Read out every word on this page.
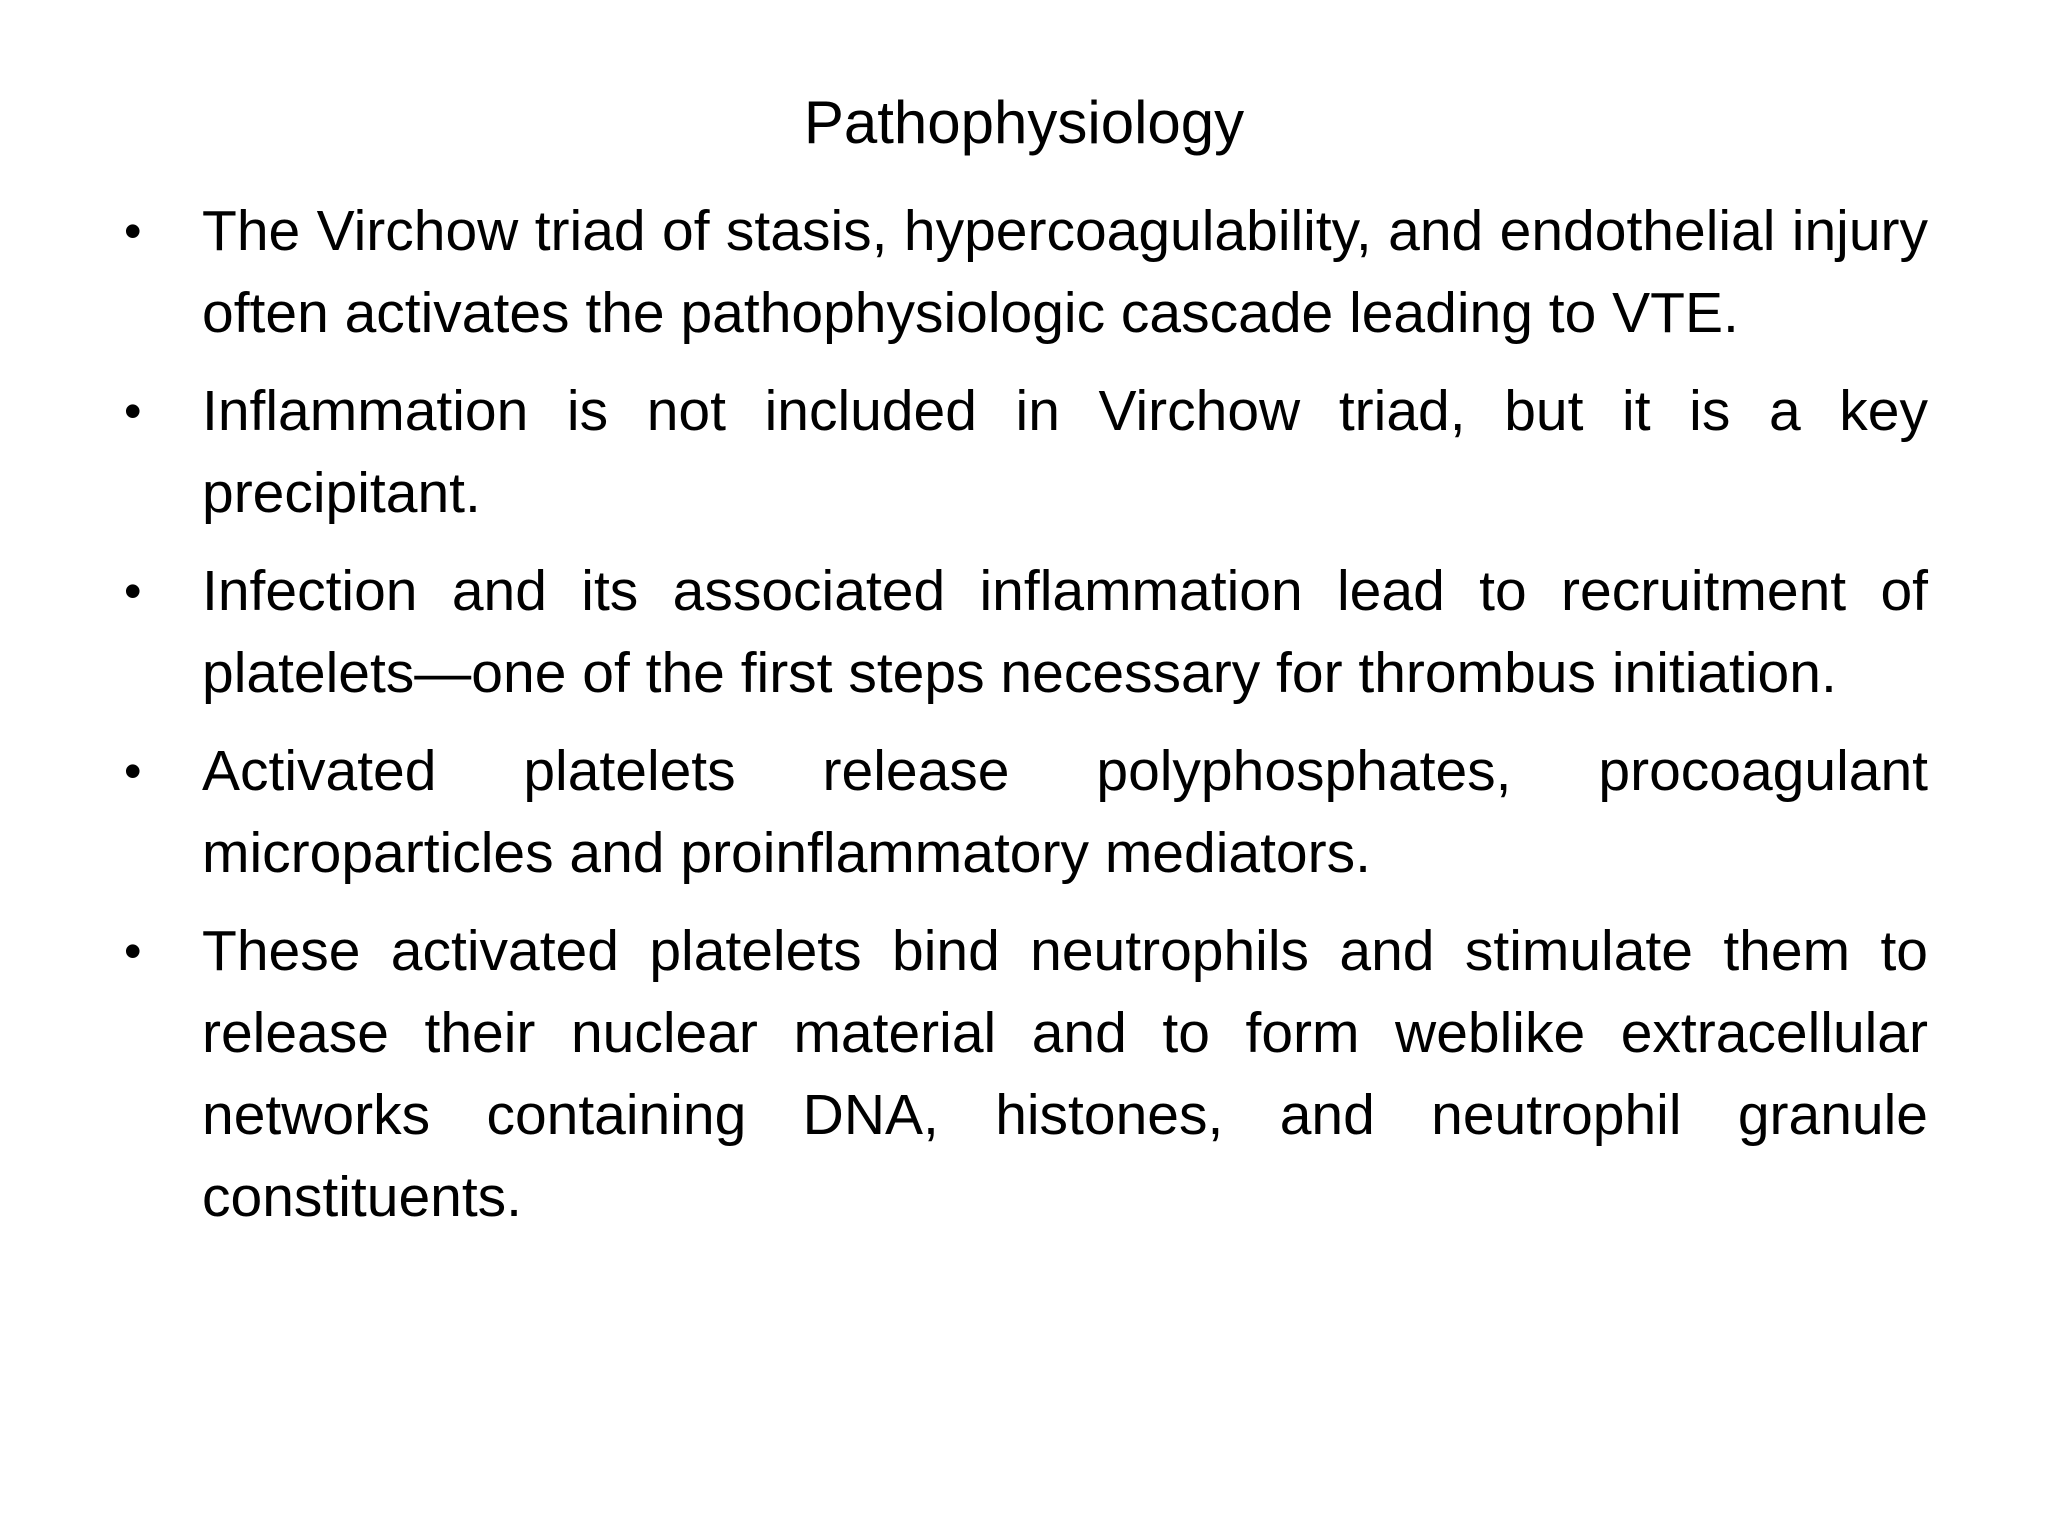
Pathophysiology
•	The Virchow triad of stasis, hypercoagulability, and endothelial injury often activates the pathophysiologic cascade leading to VTE.
•	Inflammation is not included in Virchow triad, but it is a key precipitant.
•	Infection and its associated inflammation lead to recruitment of platelets—one of the first steps necessary for thrombus initiation.
•	Activated platelets release polyphosphates, procoagulant microparticles and proinflammatory mediators.
•	These activated platelets bind neutrophils and stimulate them to release their nuclear material and to form weblike extracellular networks containing DNA, histones, and neutrophil granule constituents.
